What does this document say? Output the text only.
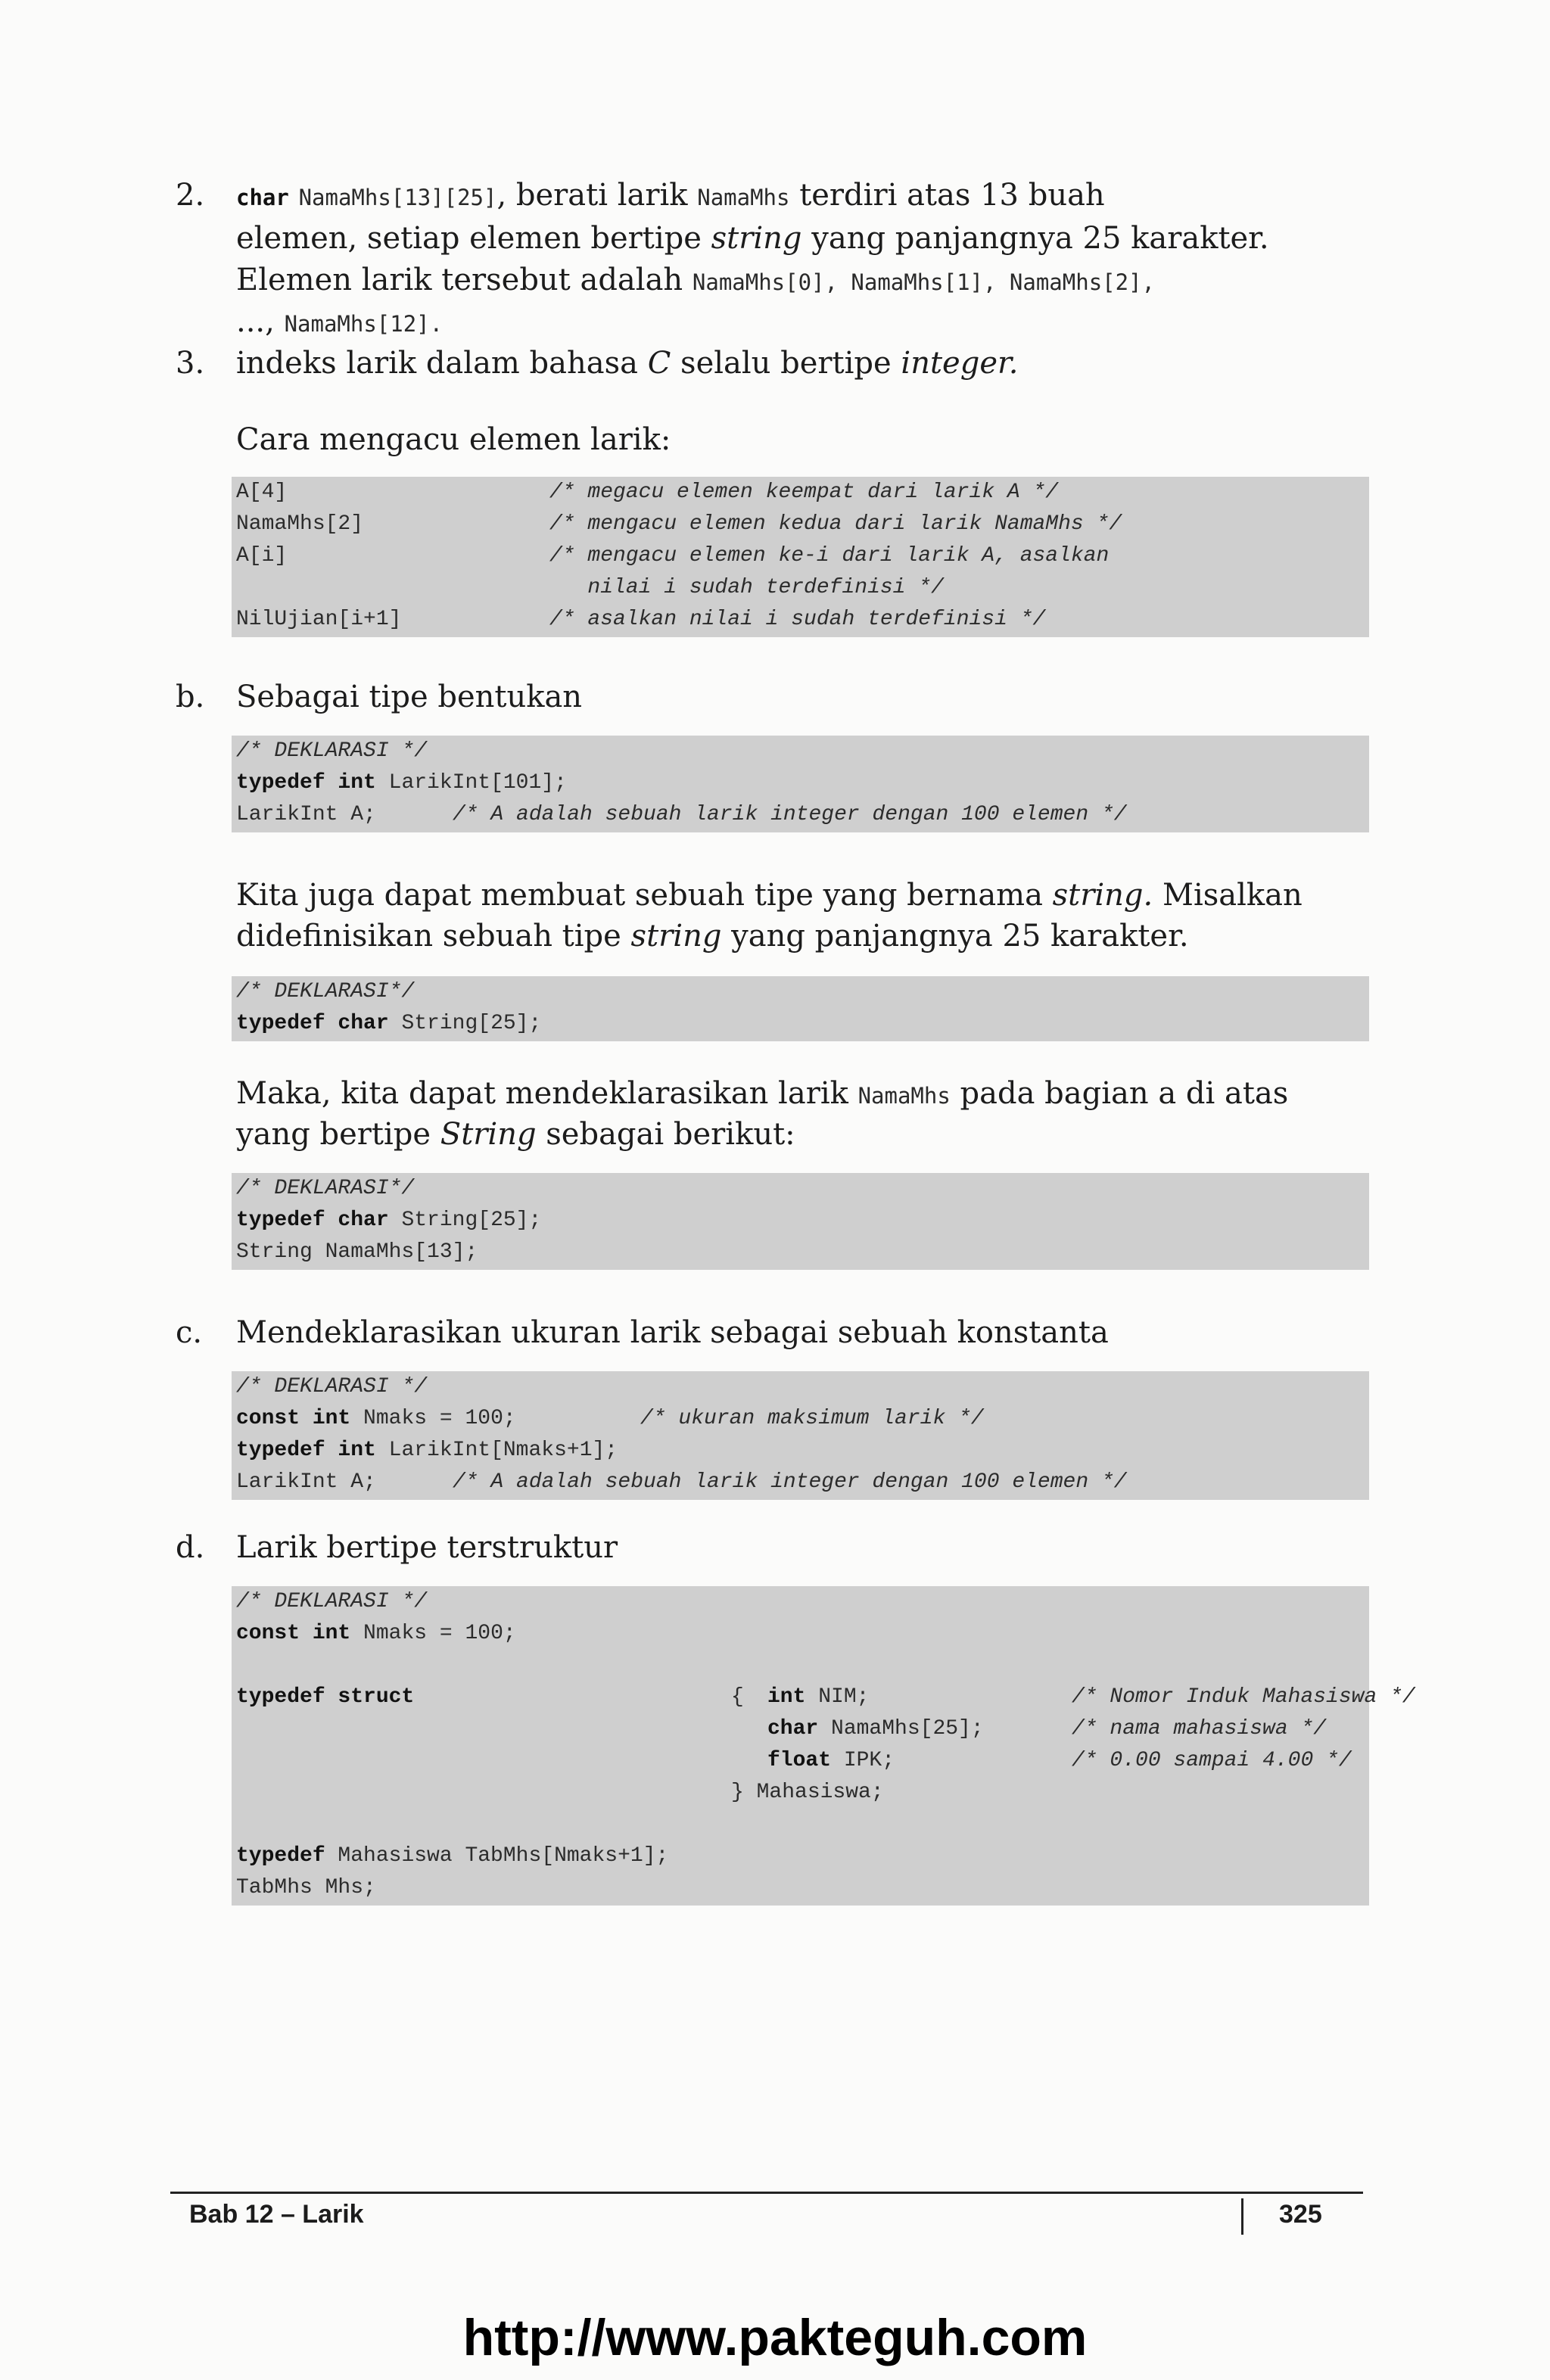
2. char NamaMhs[13][25], berati larik NamaMhs terdiri atas 13 buah
elemen, setiap elemen bertipe string yang panjangnya 25 karakter.
Elemen larik tersebut adalah NamaMhs[0], NamaMhs[1], NamaMhs[2],
..., NamaMhs[12].
3. indeks larik dalam bahasa C selalu bertipe integer.
Cara mengacu elemen larik:
A[4]	/* megacu elemen keempat dari larik A */
NamaMhs[2]	/* mengacu elemen kedua dari larik NamaMhs */
A[i]	/* mengacu elemen ke-i dari larik A, asalkan
nilai i sudah terdefinisi */
NilUjian[i+1]	/* asalkan nilai i sudah terdefinisi */
b. Sebagai tipe bentukan
/* DEKLARASI */
typedef int LarikInt[101];
LarikInt A;	/* A adalah sebuah larik integer dengan 100 elemen */
Kita juga dapat membuat sebuah tipe yang bernama string. Misalkan
didefinisikan sebuah tipe string yang panjangnya 25 karakter.
/* DEKLARASI*/
typedef char String[25];
Maka, kita dapat mendeklarasikan larik NamaMhs pada bagian a di atas
yang bertipe String sebagai berikut:
/* DEKLARASI*/
typedef char String[25];
String NamaMhs[13];
c. Mendeklarasikan ukuran larik sebagai sebuah konstanta
/* DEKLARASI */
const int Nmaks = 100;	/* ukuran maksimum larik */
typedef int LarikInt[Nmaks+1];
LarikInt A;	/* A adalah sebuah larik integer dengan 100 elemen */
d. Larik bertipe terstruktur
/* DEKLARASI */
const int Nmaks = 100;
typedef struct	{ int NIM;	/* Nomor Induk Mahasiswa */
char NamaMhs[25];	/* nama mahasiswa */
float IPK;	/* 0.00 sampai 4.00 */
} Mahasiswa;
typedef Mahasiswa TabMhs[Nmaks+1];
TabMhs Mhs;
Bab 12 – Larik	325
http://www.pakteguh.com
